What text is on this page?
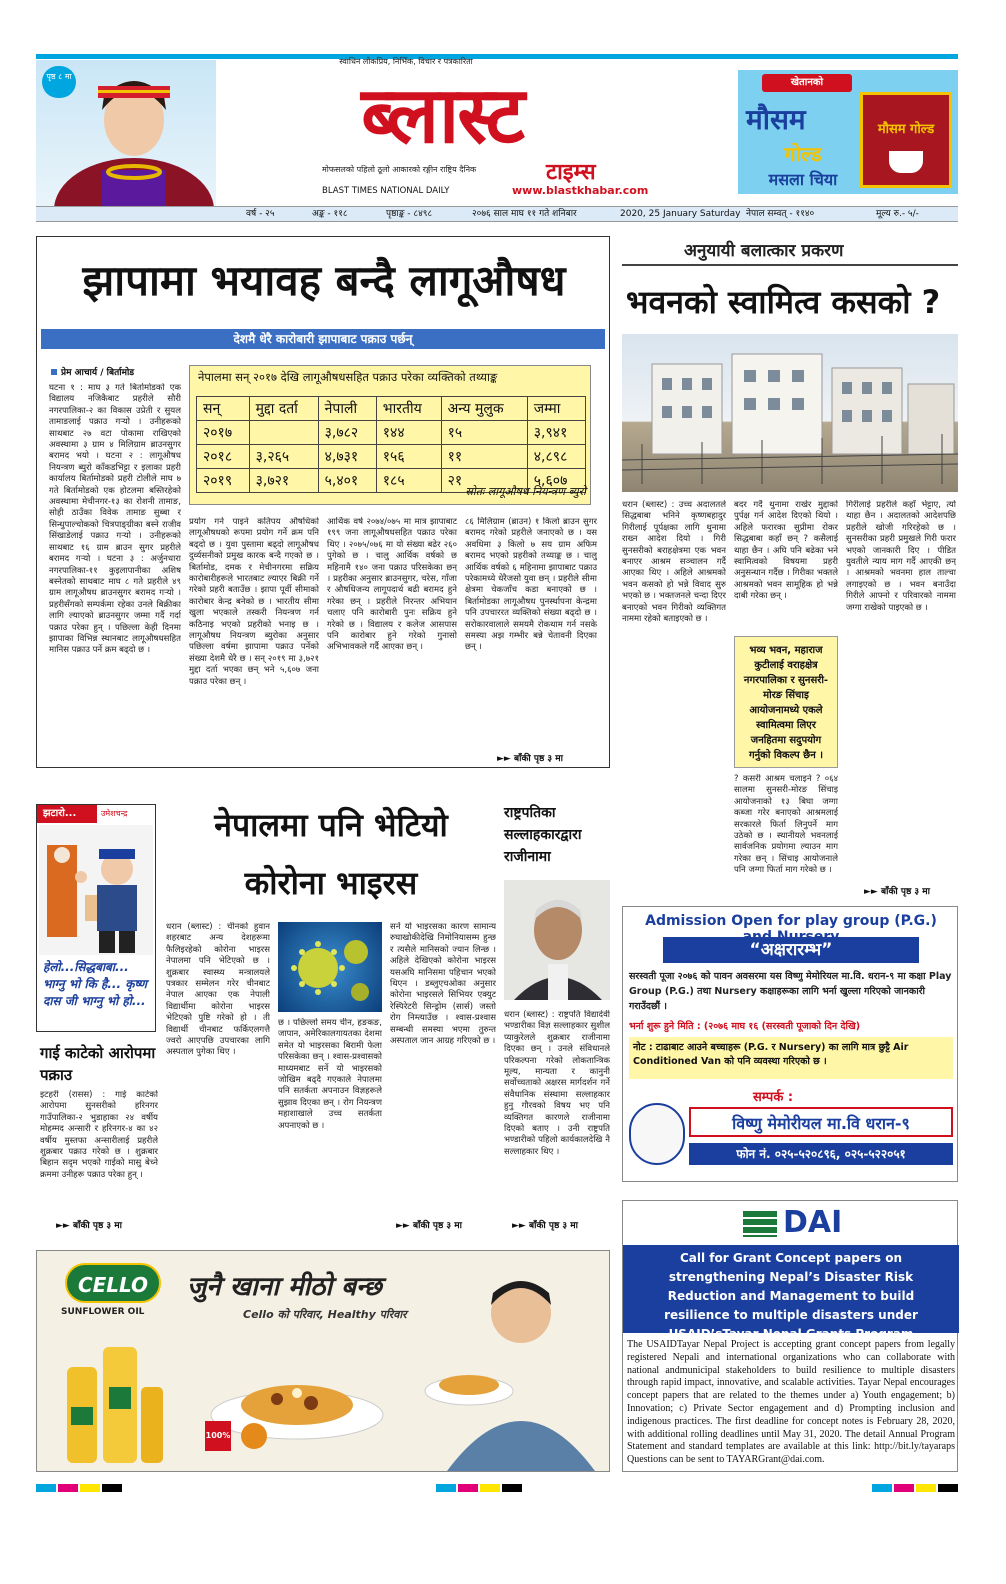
पृष्ठ ८ मा
स्वाधिन लोकप्रिय, निर्भिक, विचार र पत्रकारिता
ब्लास्ट
मोफसलको पहिलो ठूलो आकारको रङ्गीन राष्ट्रिय दैनिक	टाइम्स
BLAST TIMES NATIONAL DAILY	www.blastkhabar.com
खेतानको
मौसम
गोल्ड
मसला चिया
मौसम गोल्ड
वर्ष - २५	अङ्क - ११८	पृष्ठाङ्क - ८४९८	२०७६ साल माघ ११ गते शनिबार	2020, 25 January Saturday नेपाल सम्वत् - ११४०	मूल्य रु.- ५/-
झापामा भयावह बन्दै लागूऔषध
देशमै धेरै कारोबारी झापाबाट पक्राउ पर्छन्
प्रेम आचार्य / बिर्तामोड
घटना १ : माघ ३ गते बिर्तामोडको एक विद्यालय नजिकैबाट प्रहरीले सौरी नगरपालिका-२ का विकास उप्रेती र सुयल तामाङलाई पक्राउ गर्‍यो । उनीहरूको साथबाट २७ वटा पोकामा राखिएको अवस्थामा ३ ग्राम ४ मिलिग्राम ब्राउनसुगर बरामद भयो । घटना २ : लागूऔषध नियन्त्रण ब्युरो काँकडभिट्टा र इलाका प्रहरी कार्यालय बिर्तामोडको प्रहरी टोलीले माघ ७ गते बिर्तामोडको एक होटलमा बस्तिरहेको अवस्थामा मेचीनगर-१३ का रोशनी तामाङ, सोही ठाउँका विवेक तामाङ सुब्बा र सिन्धुपाल्चोकको चित्रपाङ्ग्रीका बस्ने राजीव सिंखाडेलाई पक्राउ गर्‍यो । उनीहरूको साथबाट १६ ग्राम ब्राउन सुगर प्रहरीले बरामद गर्‍यो । घटना ३ : अर्जुनधारा नगरपालिका-११ कुइलापानीका अशिष बस्नेतको साथबाट माघ ८ गते प्रहरीले ४९ ग्राम लागूऔषध ब्राउनसुगर बरामद गर्‍यो । प्रहरीसँगको सम्पर्कमा रहेका उनले बिक्रीका लागि ल्याएको ब्राउनसुगर जम्मा गर्दै गर्दा पक्राउ परेका हुन् । पछिल्ला केही दिनमा झापाका विभिन्न स्थानबाट लागूऔषधसहित मानिस पक्राउ पर्ने क्रम बढ्दो छ ।
नेपालमा सन् २०१७ देखि लागूऔषधसहित पक्राउ परेका व्यक्तिको तथ्याङ्क
सन्	मुद्दा दर्ता	नेपाली	भारतीय	अन्य मुलुक	जम्मा
२०१७		३,७८२	१४४	१५	३,९४१
२०१८	३,२६५	४,७३१	१५६	११	४,८९८
२०१९	३,७२१	५,४०१	१८५	२१	५,६०७
स्रोतः लागूऔषध नियन्त्रण ब्युरो
प्रयोग गर्न पाइने कतिपय औषधिको लागूऔषधको रूपमा प्रयोग गर्ने क्रम पनि बढ्दो छ । युवा पुस्तामा बढ्दो लागूऔषध दुर्व्यसनीको प्रमुख कारक बन्दै गएको छ । बिर्तामोड, दमक र मेचीनगरमा सक्रिय कारोबारीहरूले भारतबाट ल्याएर बिक्री गर्ने गरेको प्रहरी बताउँछ । झापा पूर्वी सीमाको कारोबार केन्द्र बनेको छ । भारतीय सीमा खुला भएकाले तस्करी नियन्त्रण गर्न कठिनाइ भएको प्रहरीको भनाइ छ । लागूऔषध नियन्त्रण ब्युरोका अनुसार पछिल्ला वर्षमा झापामा पक्राउ पर्नेको संख्या देशमै धेरै छ । सन् २०१९ मा ३,७२१ मुद्दा दर्ता भएका छन् भने ५,६०७ जना पक्राउ परेका छन् ।
आर्थिक वर्ष २०७४/०७५ मा मात्र झापाबाट १९९ जना लागूऔषधसहित पक्राउ परेका थिए । २०७५/०७६ मा यो संख्या बढेर २६० पुगेको छ । चालु आर्थिक वर्षको छ महिनामै १४० जना पक्राउ परिसकेका छन् । प्रहरीका अनुसार ब्राउनसुगर, चरेस, गाँजा र औषधिजन्य लागूपदार्थ बढी बरामद हुने गरेका छन् । प्रहरीले निरन्तर अभियान चलाए पनि कारोबारी पुनः सक्रिय हुने गरेको छ । विद्यालय र कलेज आसपास पनि कारोबार हुने गरेको गुनासो अभिभावकले गर्दै आएका छन् ।
८६ मिलिग्राम (ब्राउन) १ किलो ब्राउन सुगर बरामद गरेको प्रहरीले जनाएको छ । यस अवधिमा ३ किलो ७ सय ग्राम अफिम बरामद भएको प्रहरीको तथ्याङ्क छ । चालु आर्थिक वर्षको ६ महिनामा झापाबाट पक्राउ परेकामध्ये धेरैजसो युवा छन् । प्रहरीले सीमा क्षेत्रमा चेकजाँच कडा बनाएको छ । बिर्तामोडका लागूऔषध पुनर्स्थापना केन्द्रमा पनि उपचाररत व्यक्तिको संख्या बढ्दो छ । सरोकारवालाले समयमै रोकथाम गर्न नसके समस्या अझ गम्भीर बन्ने चेतावनी दिएका छन् ।
►► बाँकी पृष्ठ ३ मा
अनुयायी बलात्कार प्रकरण
भवनको स्वामित्व कसको ?
धरान (ब्लास्ट) : उच्च अदालतले सिद्धबाबा भनिने कृष्णबहादुर गिरीलाई पूर्पक्षका लागि थुनामा राख्न आदेश दियो । गिरी सुनसरीको बराहक्षेत्रमा एक भवन बनाएर आश्रम सञ्चालन गर्दै आएका थिए । अहिले आश्रमको भवन कसको हो भन्ने विवाद सुरु भएको छ । भक्तजनले चन्दा दिएर बनाएको भवन गिरीको व्यक्तिगत नाममा रहेको बताइएको छ ।
बदर गर्दै थुनामा राखेर मुद्दाको पुर्पक्ष गर्न आदेश दिएको थियो । अहिले फरारका सुप्रीमा रोकर सिद्धबाबा कहाँ छन् ? कसैलाई थाहा छैन । अघि पनि बढेका भने स्वामित्वको विषयमा प्रहरी अनुसन्धान गर्दैछ । गिरीका भक्तले आश्रमको भवन सामूहिक हो भन्ने दाबी गरेका छन् ।
गिरीलाई प्रहरीले कहाँ भेट्टाए, त्यो थाहा छैन । अदालतको आदेशपछि प्रहरीले खोजी गरिरहेको छ । सुनसरीका प्रहरी प्रमुखले गिरी फरार भएको जानकारी दिए । पीडित युवतीले न्याय माग गर्दै आएकी छन् । आश्रमको भवनमा हाल ताल्चा लगाइएको छ । भवन बनाउँदा गिरीले आफ्नो र परिवारको नाममा जग्गा राखेको पाइएको छ ।
भव्य भवन, महाराज कुटीलाई वराहक्षेत्र नगरपालिका र सुनसरी-मोरङ सिंचाइ आयोजनामध्ये एकले स्वामित्वमा लिएर जनहितमा सदुपयोग गर्नुको विकल्प छैन ।
? कसरी आश्रम चलाइने ? ०६४ सालमा सुनसरी-मोरङ सिंचाइ आयोजनाको १३ बिघा जग्गा कब्जा गरेर बनाएको आश्रमलाई सरकारले फिर्ता लिनुपर्ने माग उठेको छ । स्थानीयले भवनलाई सार्वजनिक प्रयोगमा ल्याउन माग गरेका छन् । सिंचाइ आयोजनाले पनि जग्गा फिर्ता माग गरेको छ ।
►► बाँकी पृष्ठ ३ मा
झटारो...	उमेशचन्द्र
हेलो...सिद्धबाबा... भाग्नु भो कि है... कृष्ण दास जी भाग्नु भो हो...
गाई काटेको आरोपमा पक्राउ
इटहरी (रासस) : गाई काटेको आरोपमा सुनसरीको हरिनगर गाउँपालिका-२ भुडाहाका २४ वर्षीय मोहम्मद अन्सारी र हरिनगर-४ का ४२ वर्षीय मुस्तफा अन्सारीलाई प्रहरीले शुक्रबार पक्राउ गरेको छ । शुक्रबार बिहान सदृम भएको गाईको मासु बेच्ने क्रममा उनीहरू पक्राउ परेका हुन् ।
►► बाँकी पृष्ठ ३ मा
नेपालमा पनि भेटियो
कोरोना भाइरस
धरान (ब्लास्ट) : चीनको हुवान शहरबाट अन्य देशहरूमा फैलिइरहेको कोरोना भाइरस नेपालमा पनि भेटिएको छ । शुक्रबार स्वास्थ्य मन्त्रालयले पत्रकार सम्मेलन गरेर चीनबाट नेपाल आएका एक नेपाली विद्यार्थीमा कोरोना भाइरस भेटिएको पुष्टि गरेको हो । ती विद्यार्थी चीनबाट फर्किएलगत्तै ज्वरो आएपछि उपचारका लागि अस्पताल पुगेका थिए ।
छ । पछिल्लो समय चीन, हङकङ, जापान, अमेरिकालगायतका देशमा समेत यो भाइरसका बिरामी फेला परिसकेका छन् । श्वास-प्रश्वासको माध्यमबाट सर्ने यो भाइरसको जोखिम बढ्दै गएकाले नेपालमा पनि सतर्कता अपनाउन विज्ञहरूले सुझाव दिएका छन् । रोग नियन्त्रण महाशाखाले उच्च सतर्कता अपनाएको छ ।
सर्ने यो भाइरसका कारण सामान्य रुघाखोकीदेखि निमोनियासम्म हुन्छ र त्यसैले मानिसको ज्यान लिन्छ । अहिले देखिएको कोरोना भाइरस यसअघि मानिसमा पहिचान भएको थिएन । डब्लुएचओका अनुसार कोरोना भाइरसले सिभियर एक्युट रेस्पिरेटरी सिन्ड्रोम (सार्स) जस्तो रोग निम्त्याउँछ । श्वास-प्रश्वास सम्बन्धी समस्या भएमा तुरुन्त अस्पताल जान आग्रह गरिएको छ ।
►► बाँकी पृष्ठ ३ मा
राष्ट्रपतिका सल्लाहकारद्वारा राजीनामा
धरान (ब्लास्ट) : राष्ट्रपति विद्यादेवी भण्डारीका विज्ञ सल्लाहकार सुशील प्याकुरेलले शुक्रबार राजीनामा दिएका छन् । उनले संविधानले परिकल्पना गरेको लोकतान्त्रिक मूल्य, मान्यता र कानुनी सर्वोच्चताको अक्षरस मार्गदर्शन गर्ने संवैधानिक संस्थामा सल्लाहकार हुनु गौरवको विषय भए पनि व्यक्तिगत कारणले राजीनामा दिएको बताए । उनी राष्ट्रपति भण्डारीको पहिलो कार्यकालदेखि नै सल्लाहकार थिए ।
►► बाँकी पृष्ठ ३ मा
Admission Open for play group (P.G.)
“अक्षरारम्भ”
सरस्वती पूजा २०७६ को पावन अवसरमा यस विष्णु मेमोरियल मा.वि. धरान-९ मा कक्षा Play Group (P.G.) तथा Nursery कक्षाहरूका लागि भर्ना खुल्ला गरिएको जानकारी गराउँदछौं ।
भर्ना शुरू हुने मिति : (२०७६ माघ १६ (सरस्वती पूजाको दिन देखि)
नोट : टाढाबाट आउने बच्चाहरू (P.G. र Nursery) का लागि मात्र छुट्टै Air Conditioned Van को पनि व्यवस्था गरिएको छ ।
सम्पर्क :
विष्णु मेमोरीयल मा.वि धरान-९
फोन नं. ०२५-५२०८९६, ०२५-५२२०५१
DAI
Call for Grant Concept papers on strengthening Nepal’s Disaster Risk Reduction and Management to build resilience to multiple disasters under USAID’sTayar Nepal Grants Program
The USAIDTayar Nepal Project is accepting grant concept papers from legally registered Nepali and international organizations who can collaborate with national andmunicipal stakeholders to build resilience to multiple disasters through rapid impact, innovative, and scalable activities. Tayar Nepal encourages concept papers that are related to the themes under a) Youth engagement; b) Innovation; c) Private Sector engagement and d) Prompting inclusion and indigenous practices. The first deadline for concept notes is February 28, 2020, with additional rolling deadlines until May 31, 2020. The detail Annual Program Statement and standard templates are available at this link: http://bit.ly/tayaraps Questions can be sent to TAYARGrant@dai.com.
CELLO
SUNFLOWER OIL
जुनै खाना मीठो बन्छ
Cello को परिवार, Healthy परिवार
100%
